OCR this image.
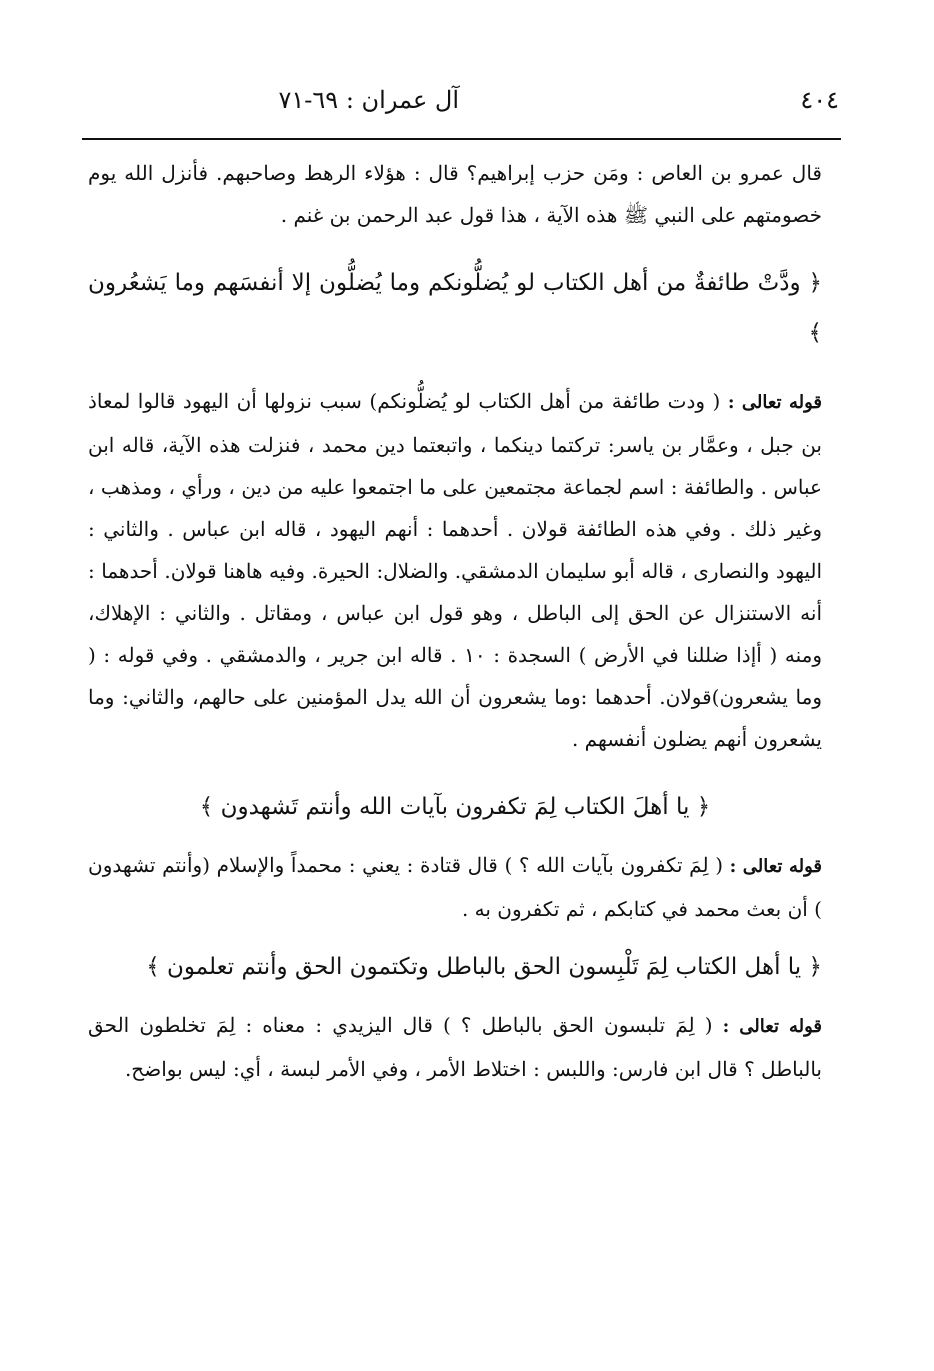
٤٠٤
آل عمران : ٦٩-٧١

قال عمرو بن العاص : ومَن حزب إبراهيم؟ قال : هؤلاء الرهط وصاحبهم. فأنزل الله يوم خصومتهم على النبي ﷺ هذه الآية ، هذا قول عبد الرحمن بن غنم .

﴿ ودَّتْ طائفةٌ من أهل الكتاب لو يُضلُّونكم وما يُضلُّون إلا أنفسَهم وما يَشعُرون ﴾

قوله تعالى : ( ودت طائفة من أهل الكتاب لو يُضلُّونكم) سبب نزولها أن اليهود قالوا لمعاذ بن جبل ، وعمَّار بن ياسر: تركتما دينكما ، واتبعتما دين محمد ، فنزلت هذه الآية، قاله ابن عباس . والطائفة : اسم لجماعة مجتمعين على ما اجتمعوا عليه من دين ، ورأي ، ومذهب ، وغير ذلك . وفي هذه الطائفة قولان . أحدهما : أنهم اليهود ، قاله ابن عباس . والثاني : اليهود والنصارى ، قاله أبو سليمان الدمشقي. والضلال: الحيرة. وفيه هاهنا قولان. أحدهما : أنه الاستنزال عن الحق إلى الباطل ، وهو قول ابن عباس ، ومقاتل . والثاني : الإهلاك، ومنه ( أإذا ضللنا في الأرض ) السجدة : ١٠ . قاله ابن جرير ، والدمشقي . وفي قوله : ( وما يشعرون)قولان. أحدهما :وما يشعرون أن الله يدل المؤمنين على حالهم، والثاني: وما يشعرون أنهم يضلون أنفسهم .

﴿ يا أهلَ الكتاب لِمَ تكفرون بآيات الله وأنتم تَشهدون ﴾

قوله تعالى : ( لِمَ تكفرون بآيات الله ؟ ) قال قتادة : يعني : محمداً والإسلام (وأنتم تشهدون ) أن بعث محمد في كتابكم ، ثم تكفرون به .

﴿ يا أهل الكتاب لِمَ تَلْبِسون الحق بالباطل وتكتمون الحق وأنتم تعلمون ﴾

قوله تعالى : ( لِمَ تلبسون الحق بالباطل ؟ ) قال اليزيدي : معناه : لِمَ تخلطون الحق بالباطل ؟ قال ابن فارس: واللبس : اختلاط الأمر ، وفي الأمر لبسة ، أي: ليس بواضح.
